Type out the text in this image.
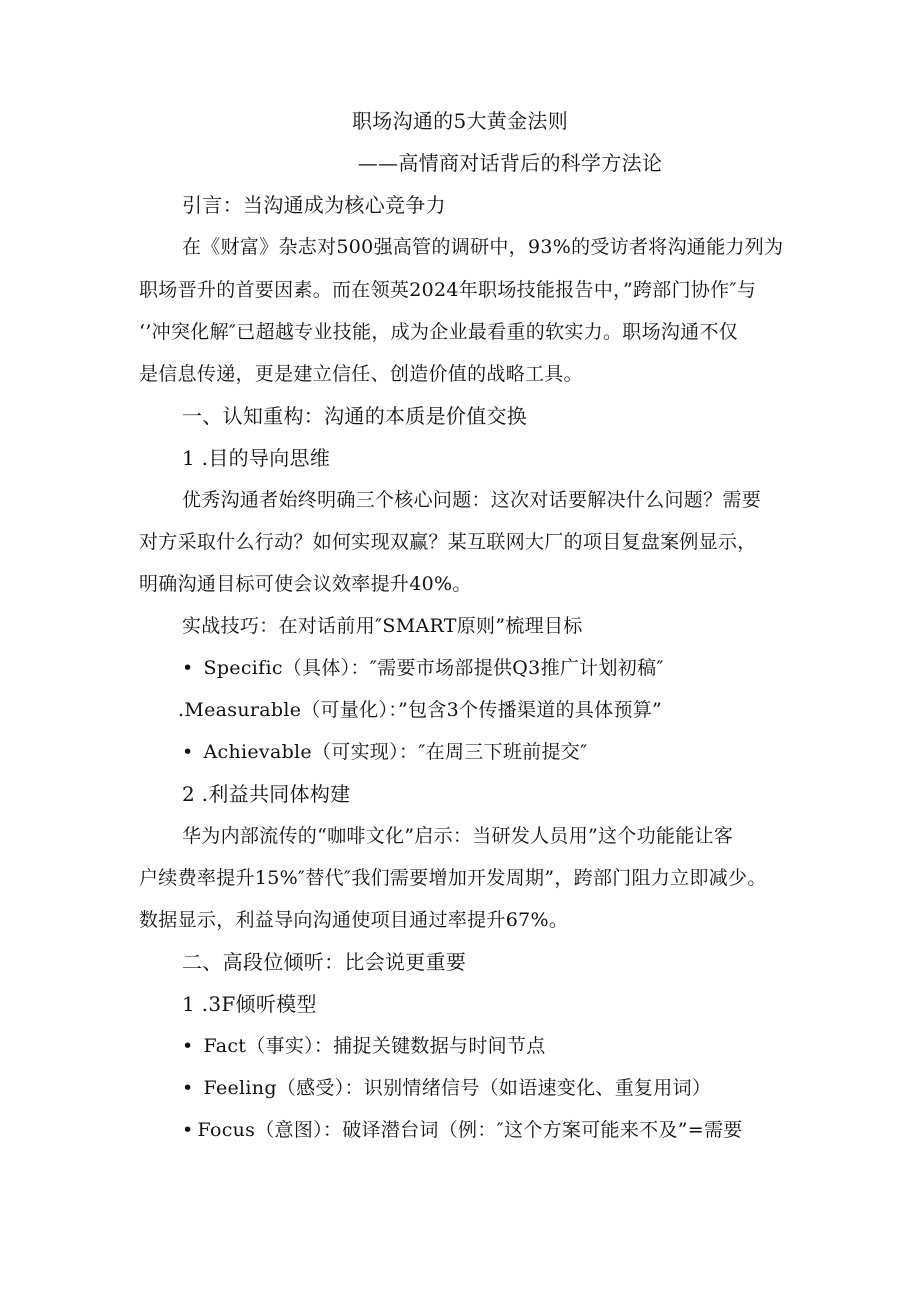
职场沟通的5大黄金法则
——高情商对话背后的科学方法论
引言：当沟通成为核心竞争力
在《财富》杂志对500强高管的调研中，93%的受访者将沟通能力列为
职场晋升的首要因素。而在领英2024年职场技能报告中，”跨部门协作″与
‘’冲突化解″已超越专业技能，成为企业最看重的软实力。职场沟通不仅
是信息传递，更是建立信任、创造价值的战略工具。
一、认知重构：沟通的本质是价值交换
1 .目的导向思维
优秀沟通者始终明确三个核心问题：这次对话要解决什么问题？需要
对方采取什么行动？如何实现双赢？某互联网大厂的项目复盘案例显示，
明确沟通目标可使会议效率提升40%。
实战技巧：在对话前用″SMART原则”梳理目标
• Specific（具体）：″需要市场部提供Q3推广计划初稿″
.Measurable（可量化）：”包含3个传播渠道的具体预算”
• Achievable（可实现）：″在周三下班前提交″
2 .利益共同体构建
华为内部流传的“咖啡文化”启示：当研发人员用”这个功能能让客
户续费率提升15%″替代″我们需要增加开发周期”，跨部门阻力立即减少。
数据显示，利益导向沟通使项目通过率提升67%。
二、高段位倾听：比会说更重要
1 .3F倾听模型
• Fact（事实）：捕捉关键数据与时间节点
• Feeling（感受）：识别情绪信号（如语速变化、重复用词）
• Focus（意图）：破译潜台词（例：″这个方案可能来不及”=需要
